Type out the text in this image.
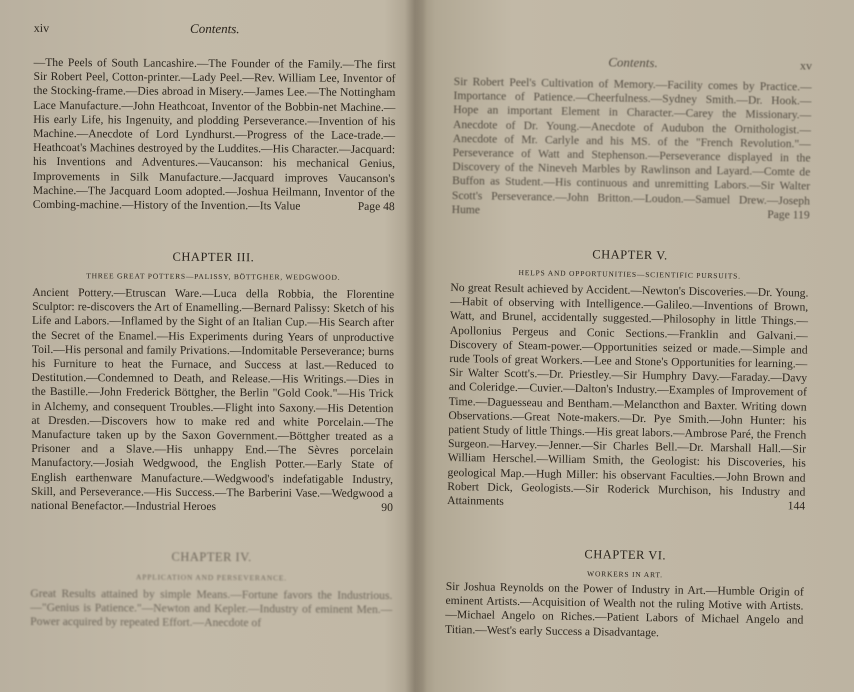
xiv	Contents.

—The Peels of South Lancashire.—The Founder of the Family.—The first Sir Robert Peel, Cotton-printer.—Lady Peel.—Rev. William Lee, Inventor of the Stocking-frame.—Dies abroad in Misery.—James Lee.—The Nottingham Lace Manufacture.—John Heathcoat, Inventor of the Bobbin-net Machine.—His early Life, his Ingenuity, and plodding Perseverance.—Invention of his Machine.—Anecdote of Lord Lyndhurst.—Progress of the Lace-trade.—Heathcoat's Machines destroyed by the Luddites.—His Character.—Jacquard: his Inventions and Adventures.—Vaucanson: his mechanical Genius, Improvements in Silk Manufacture.—Jacquard improves Vaucanson's Machine.—The Jacquard Loom adopted.—Joshua Heilmann, Inventor of the Combing-machine.—History of the Invention.—Its Value	Page 48

CHAPTER III.
THREE GREAT POTTERS—PALISSY, BÖTTGHER, WEDGWOOD.

Ancient Pottery.—Etruscan Ware.—Luca della Robbia, the Florentine Sculptor: re-discovers the Art of Enamelling.—Bernard Palissy: Sketch of his Life and Labors.—Inflamed by the Sight of an Italian Cup.—His Search after the Secret of the Enamel.—His Experiments during Years of unproductive Toil.—His personal and family Privations.—Indomitable Perseverance; burns his Furniture to heat the Furnace, and Success at last.—Reduced to Destitution.—Condemned to Death, and Release.—His Writings.—Dies in the Bastille.—John Frederick Böttgher, the Berlin "Gold Cook."—His Trick in Alchemy, and consequent Troubles.—Flight into Saxony.—His Detention at Dresden.—Discovers how to make red and white Porcelain.—The Manufacture taken up by the Saxon Government.—Böttgher treated as a Prisoner and a Slave.—His unhappy End.—The Sèvres porcelain Manufactory.—Josiah Wedgwood, the English Potter.—Early State of English earthenware Manufacture.—Wedgwood's indefatigable Industry, Skill, and Perseverance.—His Success.—The Barberini Vase.—Wedgwood a national Benefactor.—Industrial Heroes	90

CHAPTER IV.
APPLICATION AND PERSEVERANCE.

Great Results attained by simple Means.—Fortune favors the Industrious.—"Genius is Patience."—Newton and Kepler.—Industry of eminent Men.—Power acquired by repeated Effort.—Anecdote of

Contents.	xv

Sir Robert Peel's Cultivation of Memory.—Facility comes by Practice.—Importance of Patience.—Cheerfulness.—Sydney Smith.—Dr. Hook.—Hope an important Element in Character.—Carey the Missionary.—Anecdote of Dr. Young.—Anecdote of Audubon the Ornithologist.—Anecdote of Mr. Carlyle and his MS. of the "French Revolution."—Perseverance of Watt and Stephenson.—Perseverance displayed in the Discovery of the Nineveh Marbles by Rawlinson and Layard.—Comte de Buffon as Student.—His continuous and unremitting Labors.—Sir Walter Scott's Perseverance.—John Britton.—Loudon.—Samuel Drew.—Joseph Hume	Page 119

CHAPTER V.
HELPS AND OPPORTUNITIES—SCIENTIFIC PURSUITS.

No great Result achieved by Accident.—Newton's Discoveries.—Dr. Young.—Habit of observing with Intelligence.—Galileo.—Inventions of Brown, Watt, and Brunel, accidentally suggested.—Philosophy in little Things.—Apollonius Pergeus and Conic Sections.—Franklin and Galvani.—Discovery of Steam-power.—Opportunities seized or made.—Simple and rude Tools of great Workers.—Lee and Stone's Opportunities for learning.—Sir Walter Scott's.—Dr. Priestley.—Sir Humphry Davy.—Faraday.—Davy and Coleridge.—Cuvier.—Dalton's Industry.—Examples of Improvement of Time.—Daguesseau and Bentham.—Melancthon and Baxter. Writing down Observations.—Great Note-makers.—Dr. Pye Smith.—John Hunter: his patient Study of little Things.—His great labors.—Ambrose Paré, the French Surgeon.—Harvey.—Jenner.—Sir Charles Bell.—Dr. Marshall Hall.—Sir William Herschel.—William Smith, the Geologist: his Discoveries, his geological Map.—Hugh Miller: his observant Faculties.—John Brown and Robert Dick, Geologists.—Sir Roderick Murchison, his Industry and Attainments	144

CHAPTER VI.
WORKERS IN ART.

Sir Joshua Reynolds on the Power of Industry in Art.—Humble Origin of eminent Artists.—Acquisition of Wealth not the ruling Motive with Artists.—Michael Angelo on Riches.—Patient Labors of Michael Angelo and Titian.—West's early Success a Disadvantage.
